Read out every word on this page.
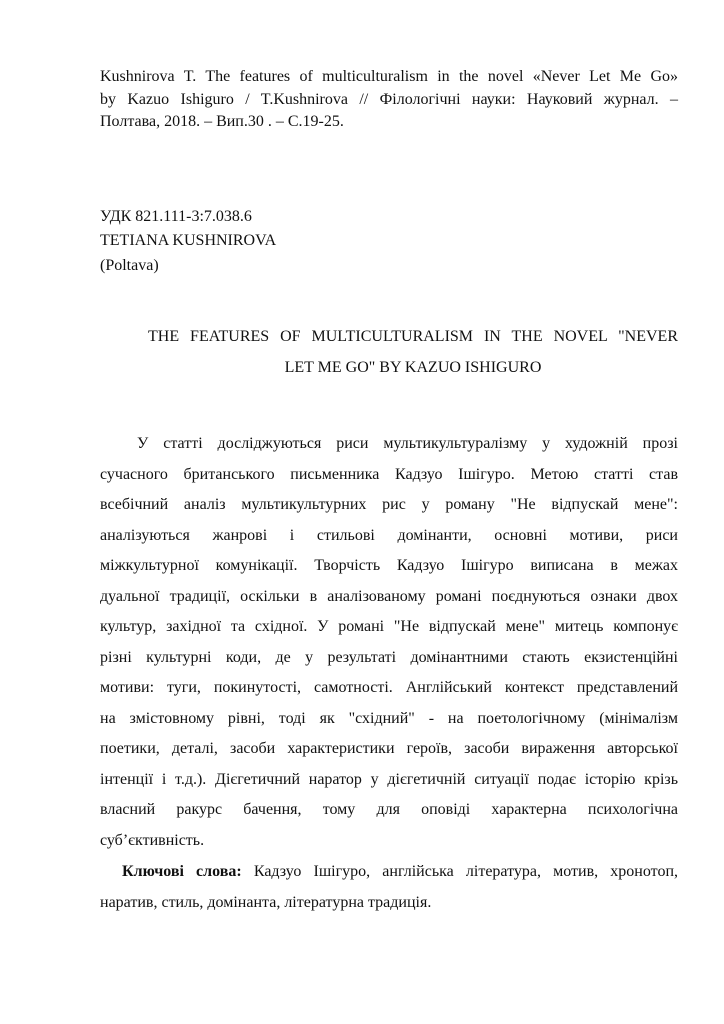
Kushnirova T. The features of multiculturalism in the novel «Never Let Me Go»
by Kazuo Ishiguro / T.Kushnirova // Філологічні науки: Науковий журнал. –
Полтава, 2018. – Вип.30 . – С.19-25.
УДК 821.111-3:7.038.6
TETIANA KUSHNIROVA
(Poltava)
THE FEATURES OF MULTICULTURALISM IN THE NOVEL "NEVER
LET ME GO" BY KAZUO ISHIGURO
У статті досліджуються риси мультикультуралізму у художній прозі
сучасного британського письменника Кадзуо Ішігуро. Метою статті став
всебічний аналіз мультикультурних рис у роману "Не відпускай мене":
аналізуються жанрові і стильові домінанти, основні мотиви, риси
міжкультурної комунікації. Творчість Кадзуо Ішігуро виписана в межах
дуальної традиції, оскільки в аналізованому романі поєднуються ознаки двох
культур, західної та східної. У романі "Не відпускай мене" митець компонує
різні культурні коди, де у результаті домінантними стають екзистенційні
мотиви: туги, покинутості, самотності. Англійський контекст представлений
на змістовному рівні, тоді як "східний" - на поетологічному (мінімалізм
поетики, деталі, засоби характеристики героїв, засоби вираження авторської
інтенції і т.д.). Дієгетичний наратор у дієгетичній ситуації подає історію крізь
власний ракурс бачення, тому для оповіді характерна психологічна
суб’єктивність.
Ключові слова: Кадзуо Ішігуро, англійська література, мотив, хронотоп,
наратив, стиль, домінанта, літературна традиція.
